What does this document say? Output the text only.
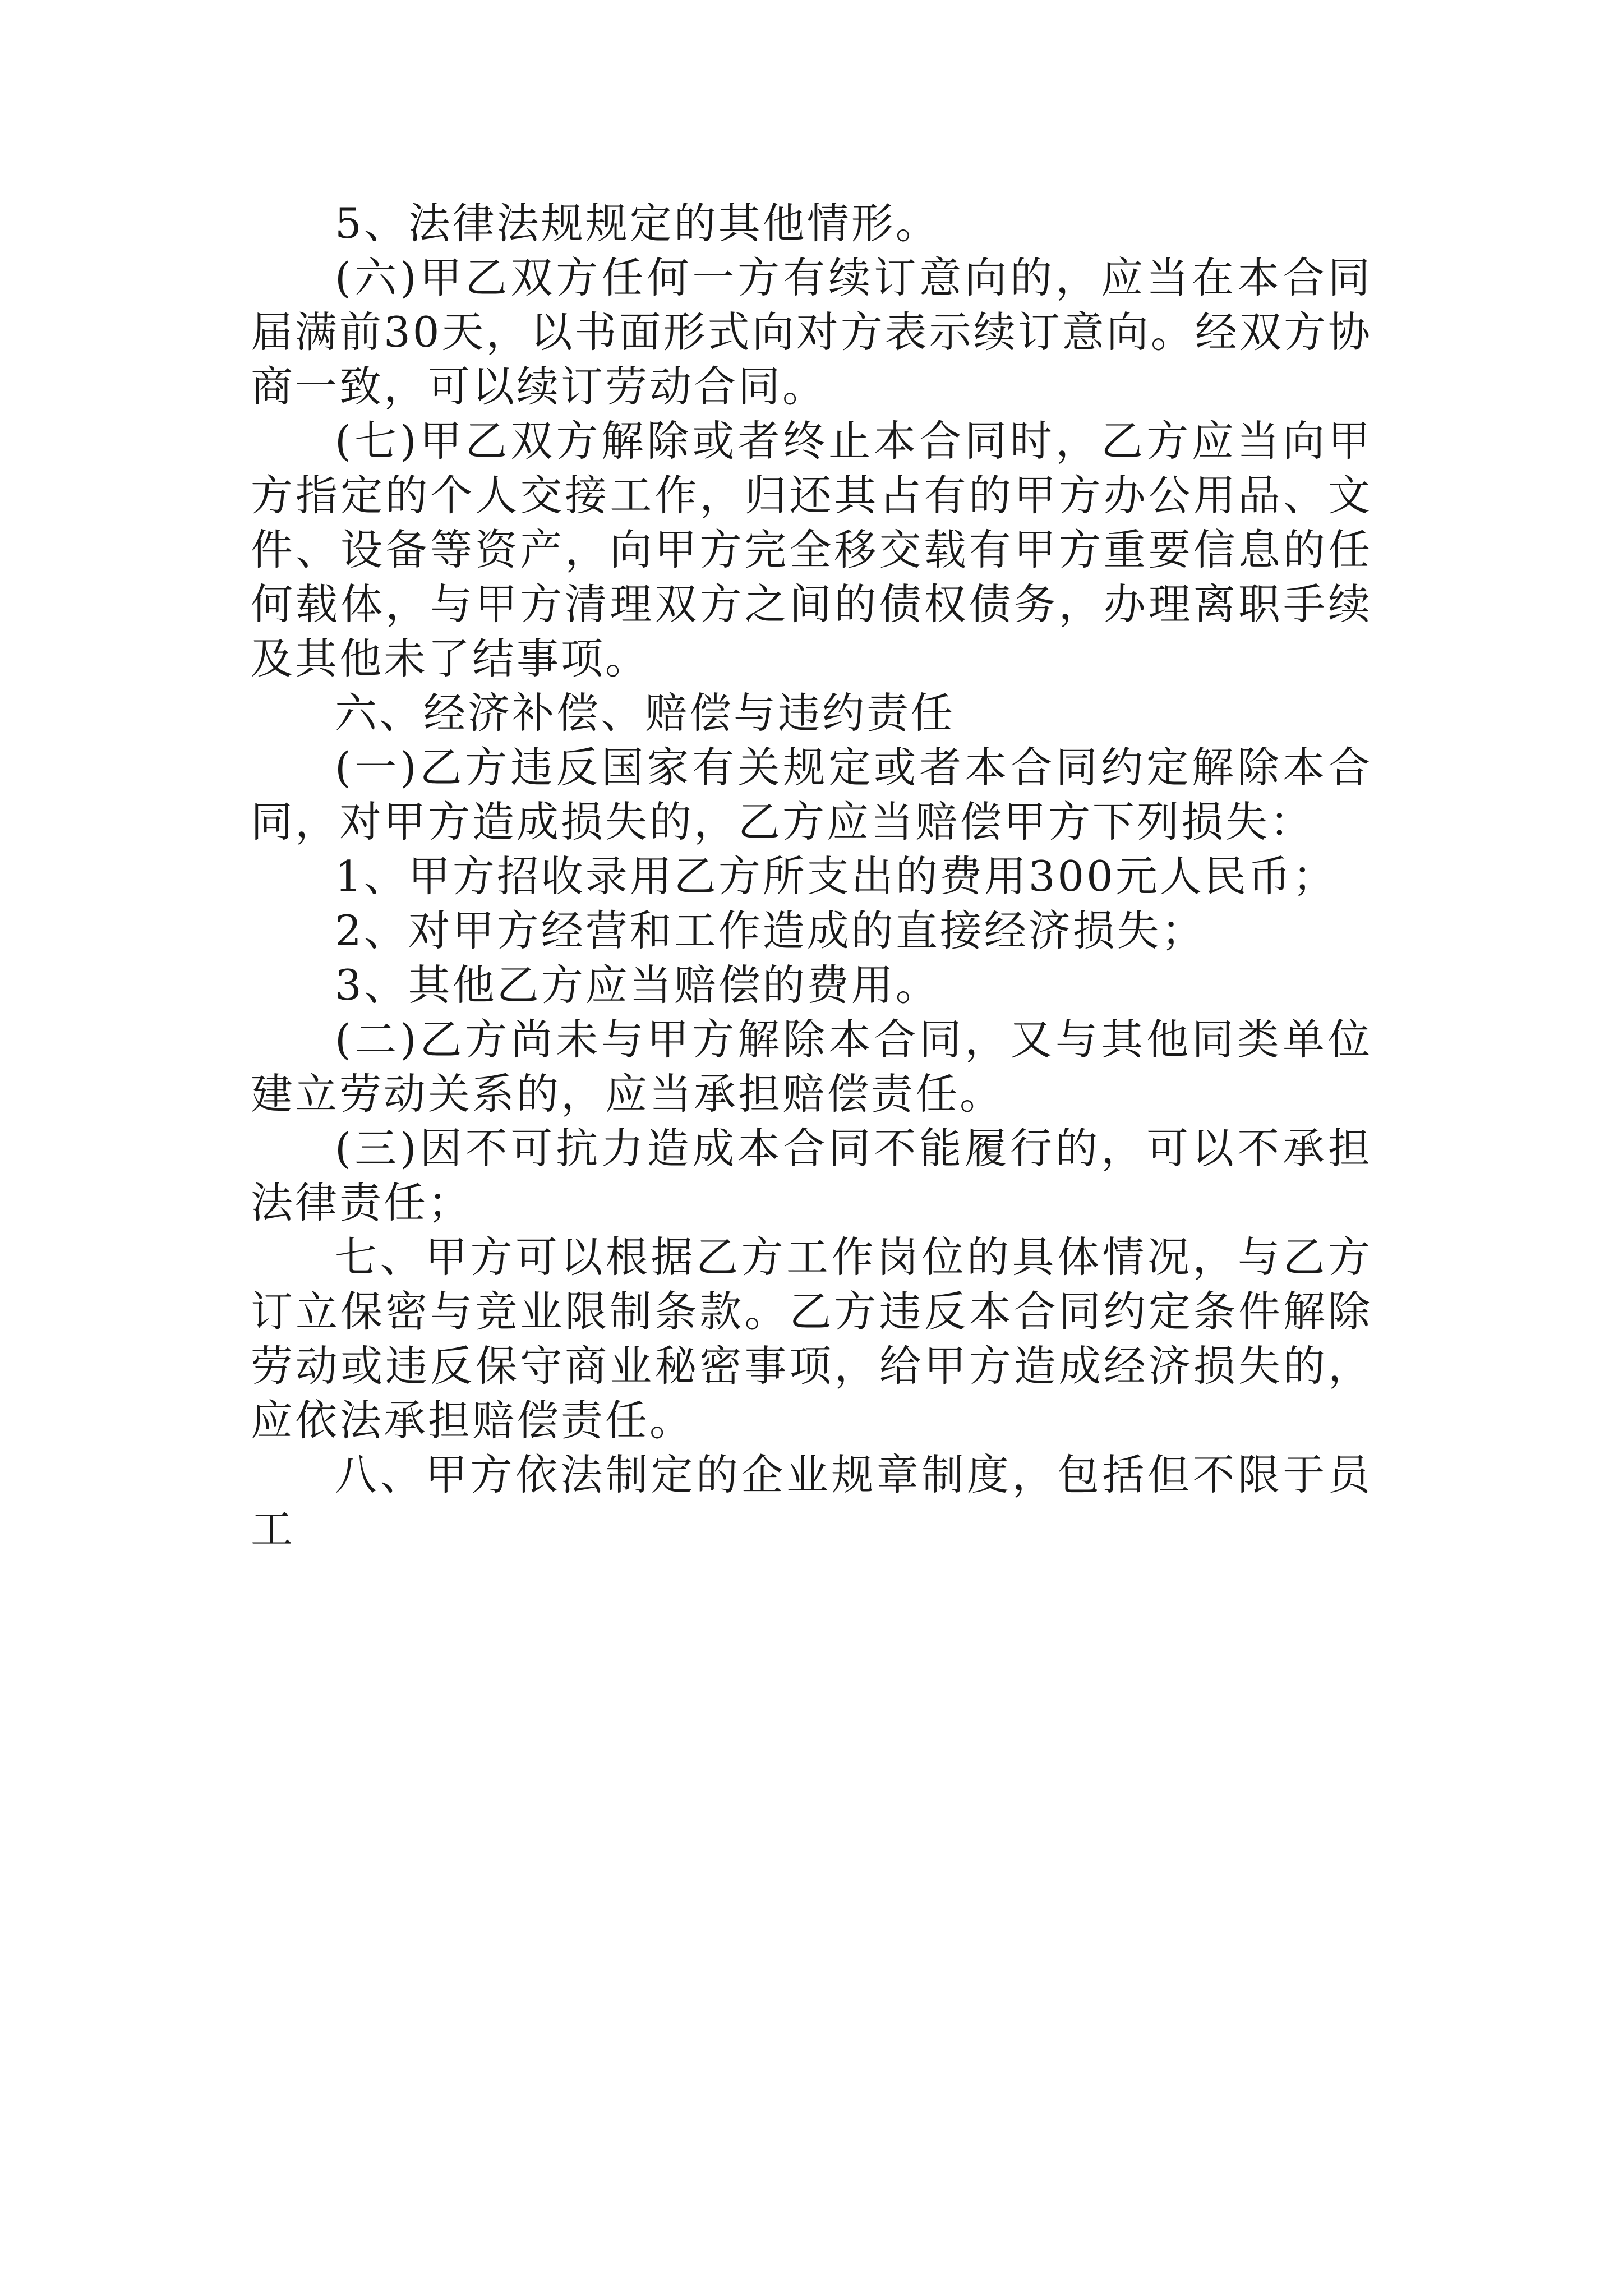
5、法律法规规定的其他情形。

(六)甲乙双方任何一方有续订意向的，应当在本合同届满前30天，以书面形式向对方表示续订意向。经双方协商一致，可以续订劳动合同。

(七)甲乙双方解除或者终止本合同时，乙方应当向甲方指定的个人交接工作，归还其占有的甲方办公用品、文件、设备等资产，向甲方完全移交载有甲方重要信息的任何载体，与甲方清理双方之间的债权债务，办理离职手续及其他未了结事项。

六、经济补偿、赔偿与违约责任

(一)乙方违反国家有关规定或者本合同约定解除本合同，对甲方造成损失的，乙方应当赔偿甲方下列损失：

1、甲方招收录用乙方所支出的费用300元人民币；

2、对甲方经营和工作造成的直接经济损失；

3、其他乙方应当赔偿的费用。

(二)乙方尚未与甲方解除本合同，又与其他同类单位建立劳动关系的，应当承担赔偿责任。

(三)因不可抗力造成本合同不能履行的，可以不承担法律责任；

七、甲方可以根据乙方工作岗位的具体情况，与乙方订立保密与竞业限制条款。乙方违反本合同约定条件解除劳动或违反保守商业秘密事项，给甲方造成经济损失的，应依法承担赔偿责任。

八、甲方依法制定的企业规章制度，包括但不限于员工
